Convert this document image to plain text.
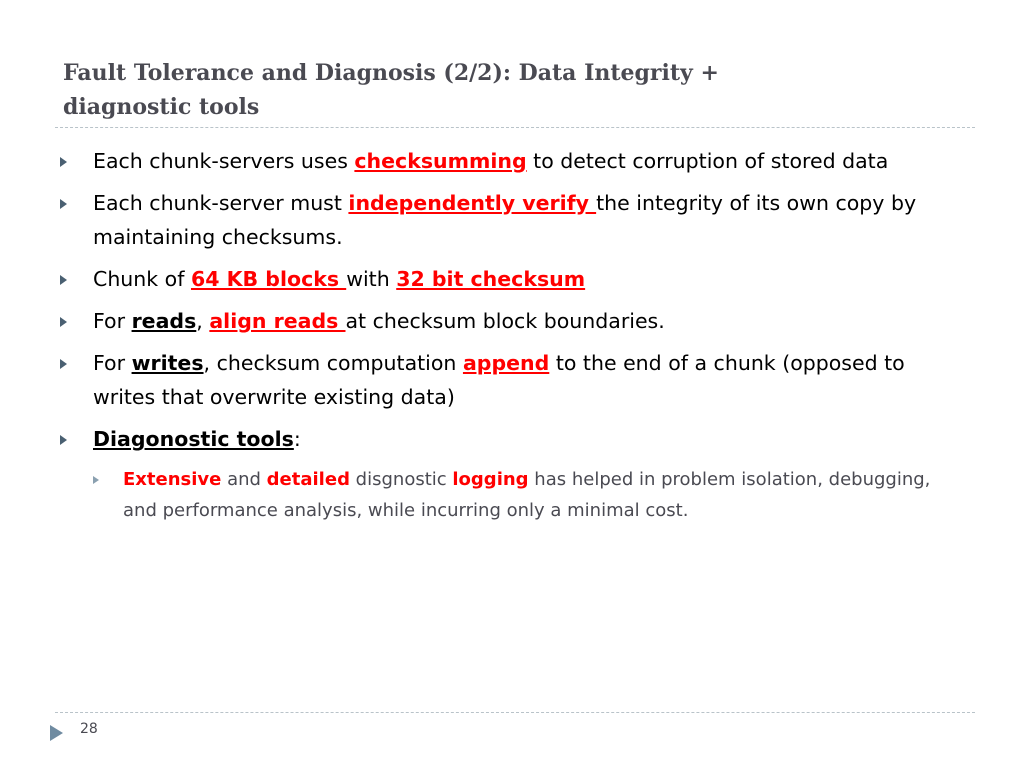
Fault Tolerance and Diagnosis (2/2): Data Integrity +
diagnostic tools
Each chunk-servers uses checksumming to detect corruption of stored data
Each chunk-server must independently verify the integrity of its own copy by maintaining checksums.
Chunk of 64 KB blocks with 32 bit checksum
For reads, align reads at checksum block boundaries.
For writes, checksum computation append to the end of a chunk (opposed to writes that overwrite existing data)
Diagonostic tools:
Extensive and detailed disgnostic logging has helped in problem isolation, debugging, and performance analysis, while incurring only a minimal cost.
28
